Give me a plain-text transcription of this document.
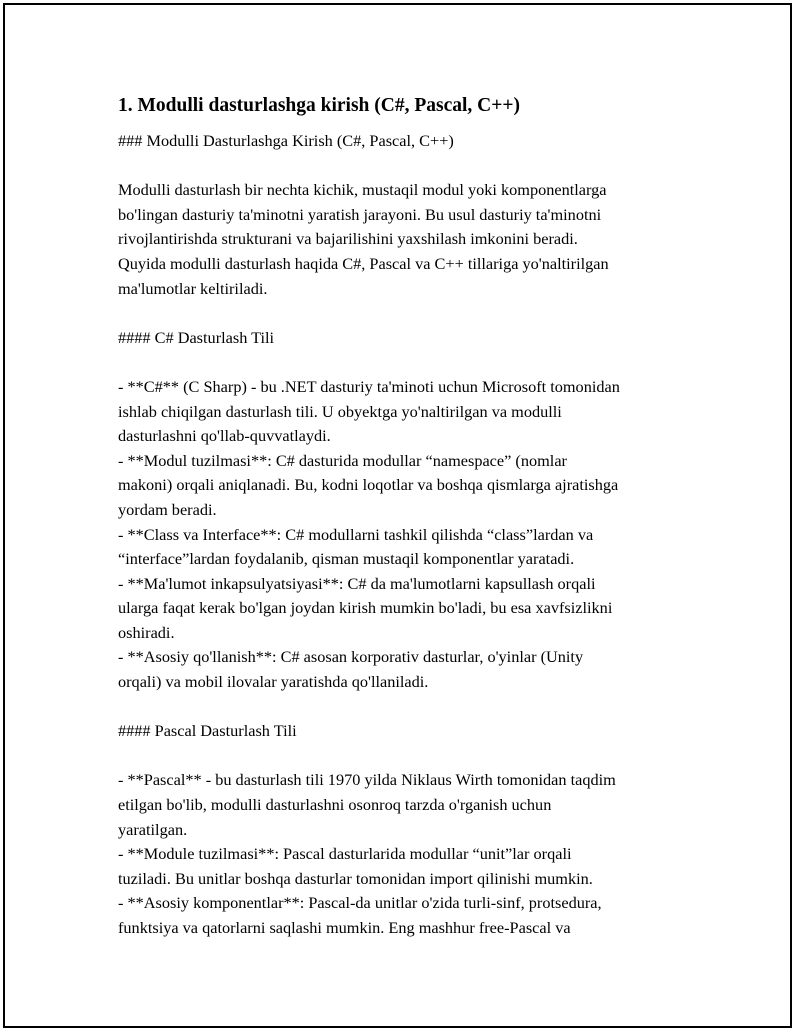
1. Modulli dasturlashga kirish (C#, Pascal, C++)
### Modulli Dasturlashga Kirish (C#, Pascal, C++)
Modulli dasturlash bir nechta kichik, mustaqil modul yoki komponentlarga
bo'lingan dasturiy ta'minotni yaratish jarayoni. Bu usul dasturiy ta'minotni
rivojlantirishda strukturani va bajarilishini yaxshilash imkonini beradi.
Quyida modulli dasturlash haqida C#, Pascal va C++ tillariga yo'naltirilgan
ma'lumotlar keltiriladi.
#### C# Dasturlash Tili
- **C#** (C Sharp) - bu .NET dasturiy ta'minoti uchun Microsoft tomonidan
ishlab chiqilgan dasturlash tili. U obyektga yo'naltirilgan va modulli
dasturlashni qo'llab-quvvatlaydi.
- **Modul tuzilmasi**: C# dasturida modullar “namespace” (nomlar
makoni) orqali aniqlanadi. Bu, kodni loqotlar va boshqa qismlarga ajratishga
yordam beradi.
- **Class va Interface**: C# modullarni tashkil qilishda “class”lardan va
“interface”lardan foydalanib, qisman mustaqil komponentlar yaratadi.
- **Ma'lumot inkapsulyatsiyasi**: C# da ma'lumotlarni kapsullash orqali
ularga faqat kerak bo'lgan joydan kirish mumkin bo'ladi, bu esa xavfsizlikni
oshiradi.
- **Asosiy qo'llanish**: C# asosan korporativ dasturlar, o'yinlar (Unity
orqali) va mobil ilovalar yaratishda qo'llaniladi.
#### Pascal Dasturlash Tili
- **Pascal** - bu dasturlash tili 1970 yilda Niklaus Wirth tomonidan taqdim
etilgan bo'lib, modulli dasturlashni osonroq tarzda o'rganish uchun
yaratilgan.
- **Module tuzilmasi**: Pascal dasturlarida modullar “unit”lar orqali
tuziladi. Bu unitlar boshqa dasturlar tomonidan import qilinishi mumkin.
- **Asosiy komponentlar**: Pascal-da unitlar o'zida turli-sinf, protsedura,
funktsiya va qatorlarni saqlashi mumkin. Eng mashhur free-Pascal va
